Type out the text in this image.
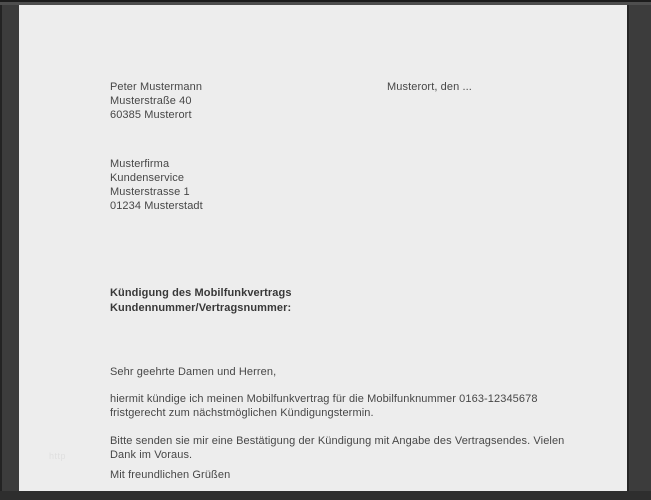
Peter Mustermann
Musterstraße 40
60385 Musterort
Musterort, den ...
Musterfirma
Kundenservice
Musterstrasse 1
01234 Musterstadt
Kündigung des Mobilfunkvertrags
Kundennummer/Vertragsnummer:
Sehr geehrte Damen und Herren,
hiermit kündige ich meinen Mobilfunkvertrag für die Mobilfunknummer 0163-12345678
fristgerecht zum nächstmöglichen Kündigungstermin.
Bitte senden sie mir eine Bestätigung der Kündigung mit Angabe des Vertragsendes. Vielen
Dank im Voraus.
Mit freundlichen Grüßen
http
